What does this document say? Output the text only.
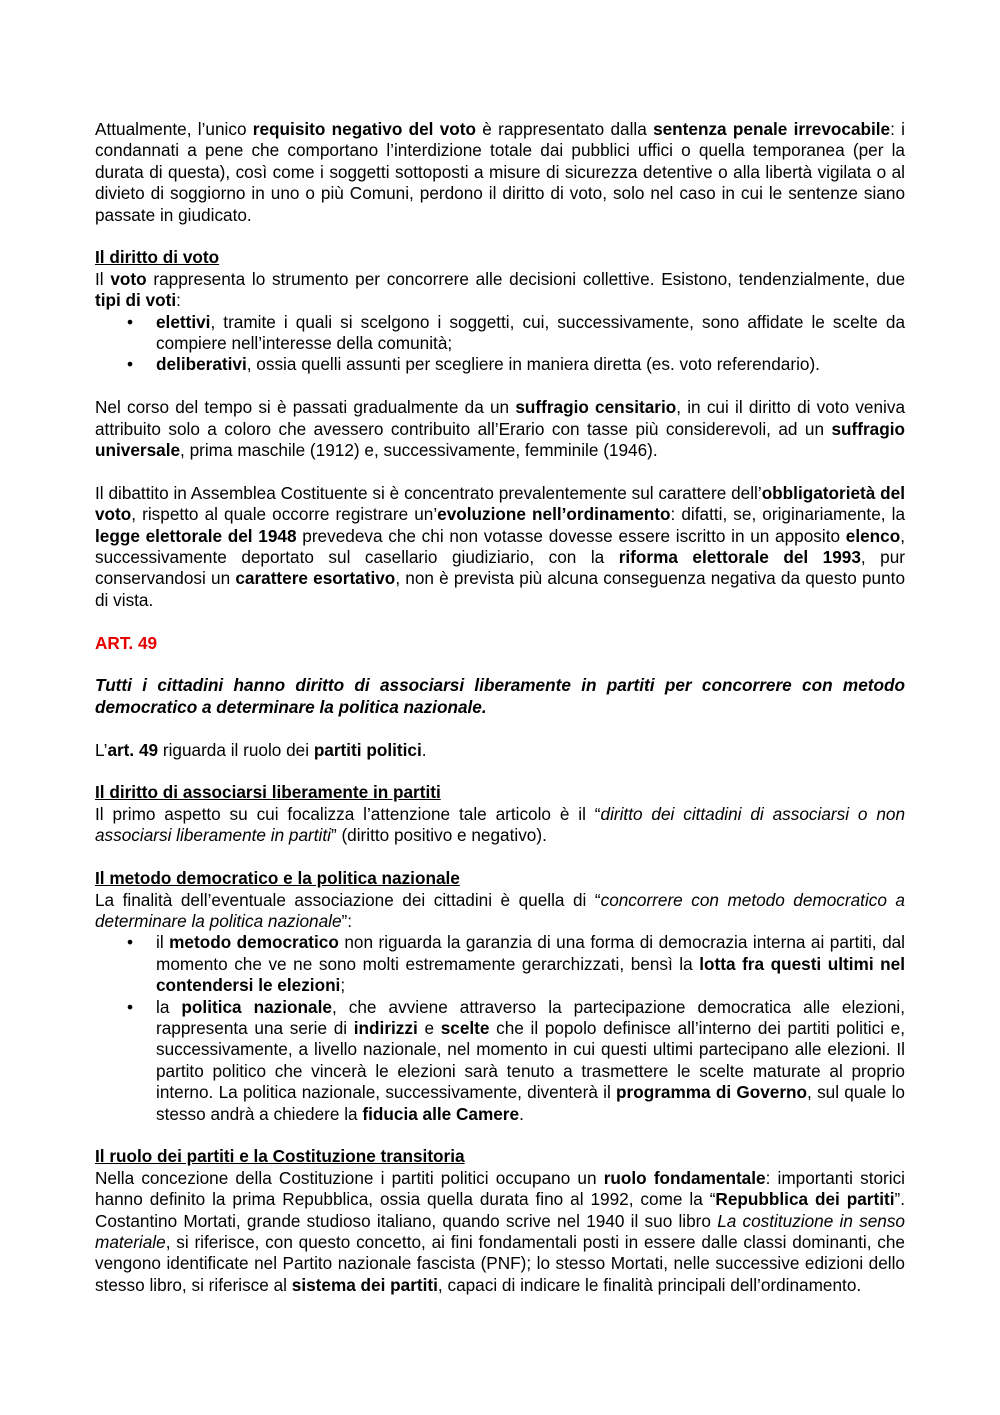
Attualmente, l’unico requisito negativo del voto è rappresentato dalla sentenza penale irrevocabile: i condannati a pene che comportano l’interdizione totale dai pubblici uffici o quella temporanea (per la durata di questa), così come i soggetti sottoposti a misure di sicurezza detentive o alla libertà vigilata o al divieto di soggiorno in uno o più Comuni, perdono il diritto di voto, solo nel caso in cui le sentenze siano passate in giudicato.

Il diritto di voto

Il voto rappresenta lo strumento per concorrere alle decisioni collettive. Esistono, tendenzialmente, due tipi di voti:

• elettivi, tramite i quali si scelgono i soggetti, cui, successivamente, sono affidate le scelte da compiere nell’interesse della comunità;
• deliberativi, ossia quelli assunti per scegliere in maniera diretta (es. voto referendario).

Nel corso del tempo si è passati gradualmente da un suffragio censitario, in cui il diritto di voto veniva attribuito solo a coloro che avessero contribuito all’Erario con tasse più considerevoli, ad un suffragio universale, prima maschile (1912) e, successivamente, femminile (1946).

Il dibattito in Assemblea Costituente si è concentrato prevalentemente sul carattere dell’obbligatorietà del voto, rispetto al quale occorre registrare un’evoluzione nell’ordinamento: difatti, se, originariamente, la legge elettorale del 1948 prevedeva che chi non votasse dovesse essere iscritto in un apposito elenco, successivamente deportato sul casellario giudiziario, con la riforma elettorale del 1993, pur conservandosi un carattere esortativo, non è prevista più alcuna conseguenza negativa da questo punto di vista.

ART. 49

Tutti i cittadini hanno diritto di associarsi liberamente in partiti per concorrere con metodo democratico a determinare la politica nazionale.

L’art. 49 riguarda il ruolo dei partiti politici.

Il diritto di associarsi liberamente in partiti

Il primo aspetto su cui focalizza l’attenzione tale articolo è il “diritto dei cittadini di associarsi o non associarsi liberamente in partiti” (diritto positivo e negativo).

Il metodo democratico e la politica nazionale

La finalità dell’eventuale associazione dei cittadini è quella di “concorrere con metodo democratico a determinare la politica nazionale”:

• il metodo democratico non riguarda la garanzia di una forma di democrazia interna ai partiti, dal momento che ve ne sono molti estremamente gerarchizzati, bensì la lotta fra questi ultimi nel contendersi le elezioni;
• la politica nazionale, che avviene attraverso la partecipazione democratica alle elezioni, rappresenta una serie di indirizzi e scelte che il popolo definisce all’interno dei partiti politici e, successivamente, a livello nazionale, nel momento in cui questi ultimi partecipano alle elezioni. Il partito politico che vincerà le elezioni sarà tenuto a trasmettere le scelte maturate al proprio interno. La politica nazionale, successivamente, diventerà il programma di Governo, sul quale lo stesso andrà a chiedere la fiducia alle Camere.

Il ruolo dei partiti e la Costituzione transitoria

Nella concezione della Costituzione i partiti politici occupano un ruolo fondamentale: importanti storici hanno definito la prima Repubblica, ossia quella durata fino al 1992, come la “Repubblica dei partiti”. Costantino Mortati, grande studioso italiano, quando scrive nel 1940 il suo libro La costituzione in senso materiale, si riferisce, con questo concetto, ai fini fondamentali posti in essere dalle classi dominanti, che vengono identificate nel Partito nazionale fascista (PNF); lo stesso Mortati, nelle successive edizioni dello stesso libro, si riferisce al sistema dei partiti, capaci di indicare le finalità principali dell’ordinamento.
